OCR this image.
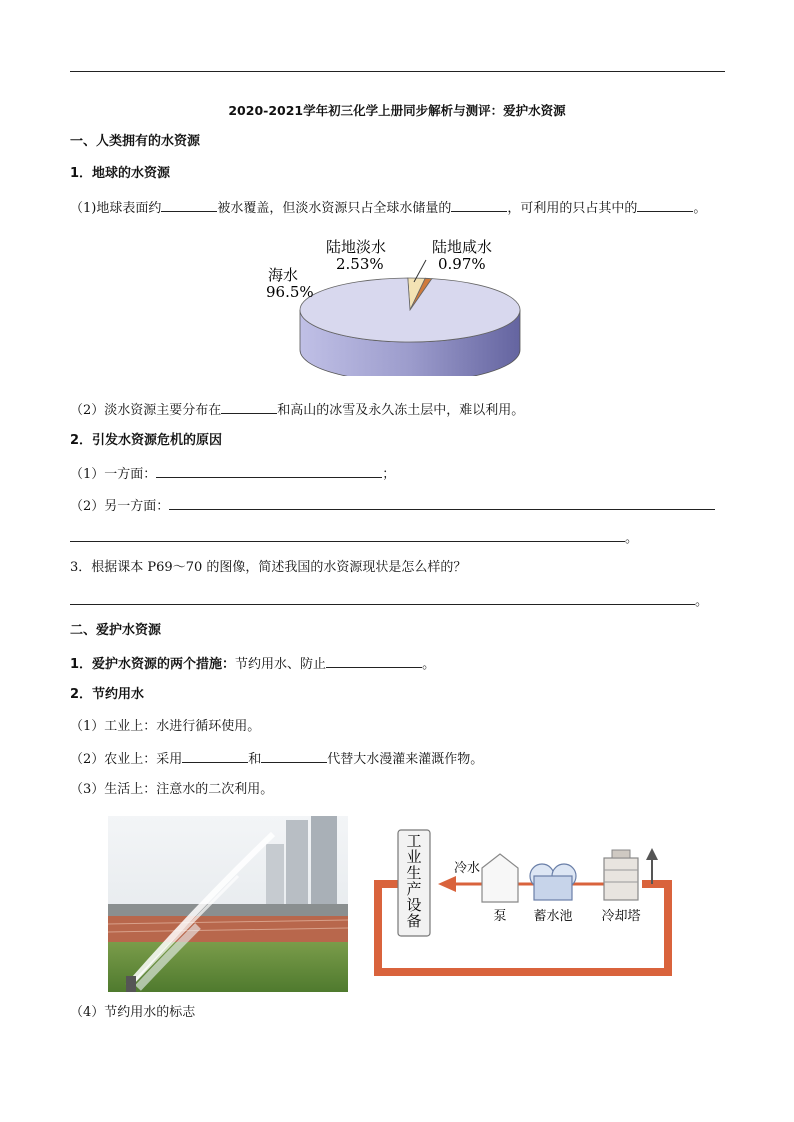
2020-2021学年初三化学上册同步解析与测评：爱护水资源
一、人类拥有的水资源
1．地球的水资源
（1)地球表面约	被水覆盖，但淡水资源只占全球水储量的	，可利用的只占其中的	。
海水
96.5%
陆地淡水
2.53%
陆地咸水
0.97%
（2）淡水资源主要分布在	和高山的冰雪及永久冻土层中，难以利用。
2．引发水资源危机的原因
（1）一方面：	；
（2）另一方面：
。
3．根据课本 P69～70 的图像，简述我国的水资源现状是怎么样的？
。
二、爱护水资源
1．爱护水资源的两个措施：节约用水、防止	。
2．节约用水
（1）工业上：水进行循环使用。
（2）农业上：采用	和	代替大水漫灌来灌溉作物。
（3）生活上：注意水的二次利用。
工业生产设备
冷水
泵 蓄水池 冷却塔
（4）节约用水的标志
